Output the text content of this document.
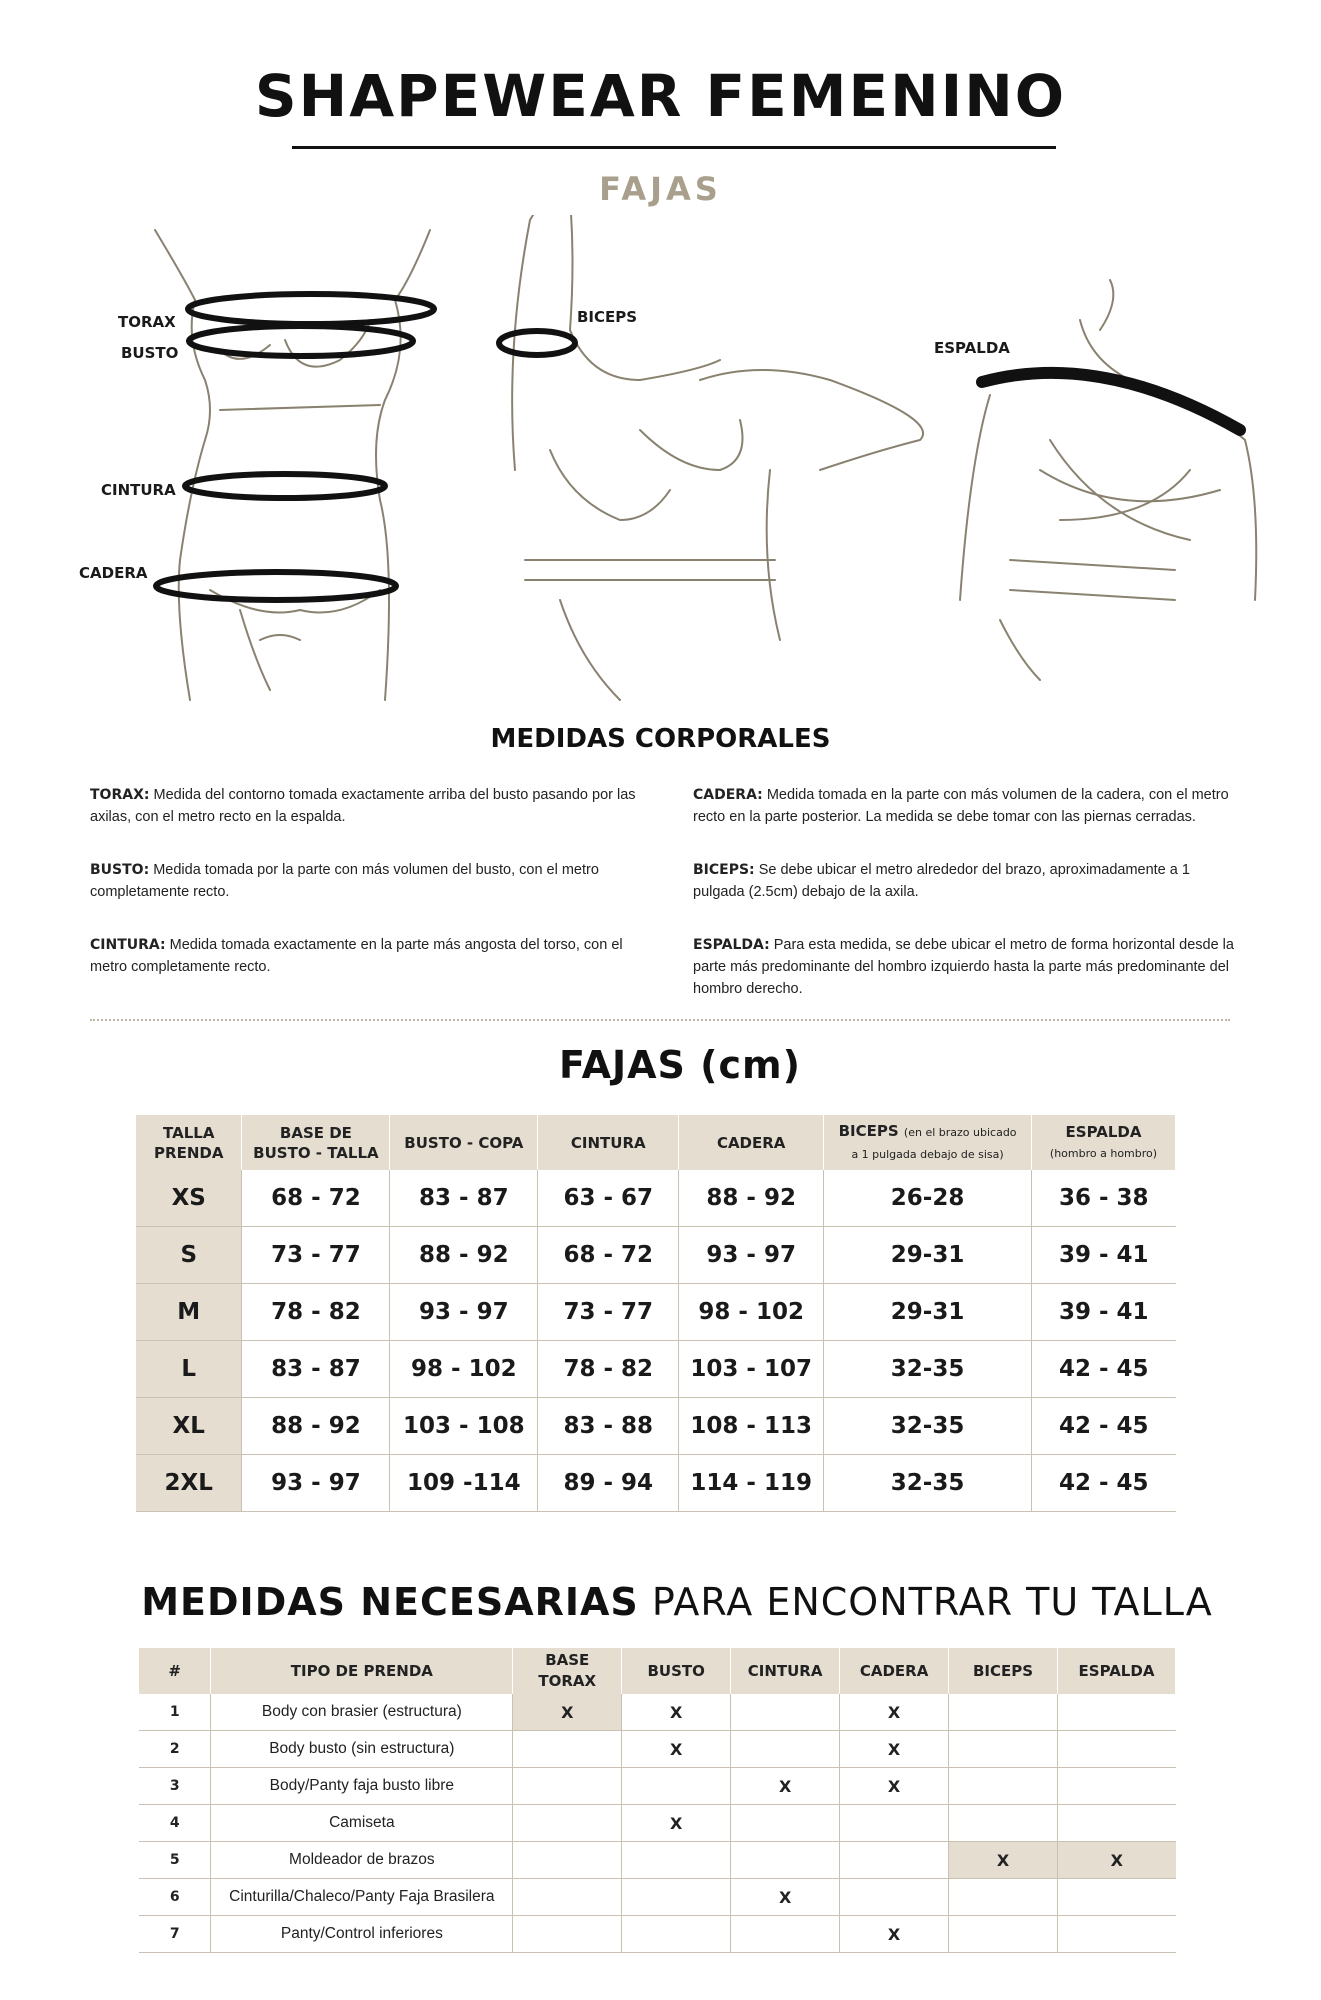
SHAPEWEAR FEMENINO
FAJAS
TORAX
BUSTO
CINTURA
CADERA
BICEPS
ESPALDA
MEDIDAS CORPORALES
TORAX: Medida del contorno tomada exactamente arriba del busto pasando por las axilas, con el metro recto en la espalda.
BUSTO: Medida tomada por la parte con más volumen del busto, con el metro completamente recto.
CINTURA: Medida tomada exactamente en la parte más angosta del torso, con el metro completamente recto.
CADERA: Medida tomada en la parte con más volumen de la cadera, con el metro recto en la parte posterior. La medida se debe tomar con las piernas cerradas.
BICEPS: Se debe ubicar el metro alrededor del brazo, aproximadamente a 1 pulgada (2.5cm) debajo de la axila.
ESPALDA: Para esta medida, se debe ubicar el metro de forma horizontal desde la parte más predominante del hombro izquierdo hasta la parte más predominante del hombro derecho.
FAJAS (cm)
TALLA
PRENDA	BASE DE
BUSTO - TALLA	BUSTO - COPA	CINTURA	CADERA	BICEPS (en el brazo ubicado
a 1 pulgada debajo de sisa)	ESPALDA
(hombro a hombro)
XS	68 - 72	83 - 87	63 - 67	88 - 92	26-28	36 - 38
S	73 - 77	88 - 92	68 - 72	93 - 97	29-31	39 - 41
M	78 - 82	93 - 97	73 - 77	98 - 102	29-31	39 - 41
L	83 - 87	98 - 102	78 - 82	103 - 107	32-35	42 - 45
XL	88 - 92	103 - 108	83 - 88	108 - 113	32-35	42 - 45
2XL	93 - 97	109 -114	89 - 94	114 - 119	32-35	42 - 45
MEDIDAS NECESARIAS PARA ENCONTRAR TU TALLA
#	TIPO DE PRENDA	BASE
TORAX	BUSTO	CINTURA	CADERA	BICEPS	ESPALDA
1	Body con brasier (estructura)	X	X		X		
2	Body busto (sin estructura)		X		X		
3	Body/Panty faja busto libre			X	X		
4	Camiseta		X				
5	Moldeador de brazos					X	X
6	Cinturilla/Chaleco/Panty Faja Brasilera			X			
7	Panty/Control inferiores				X		
